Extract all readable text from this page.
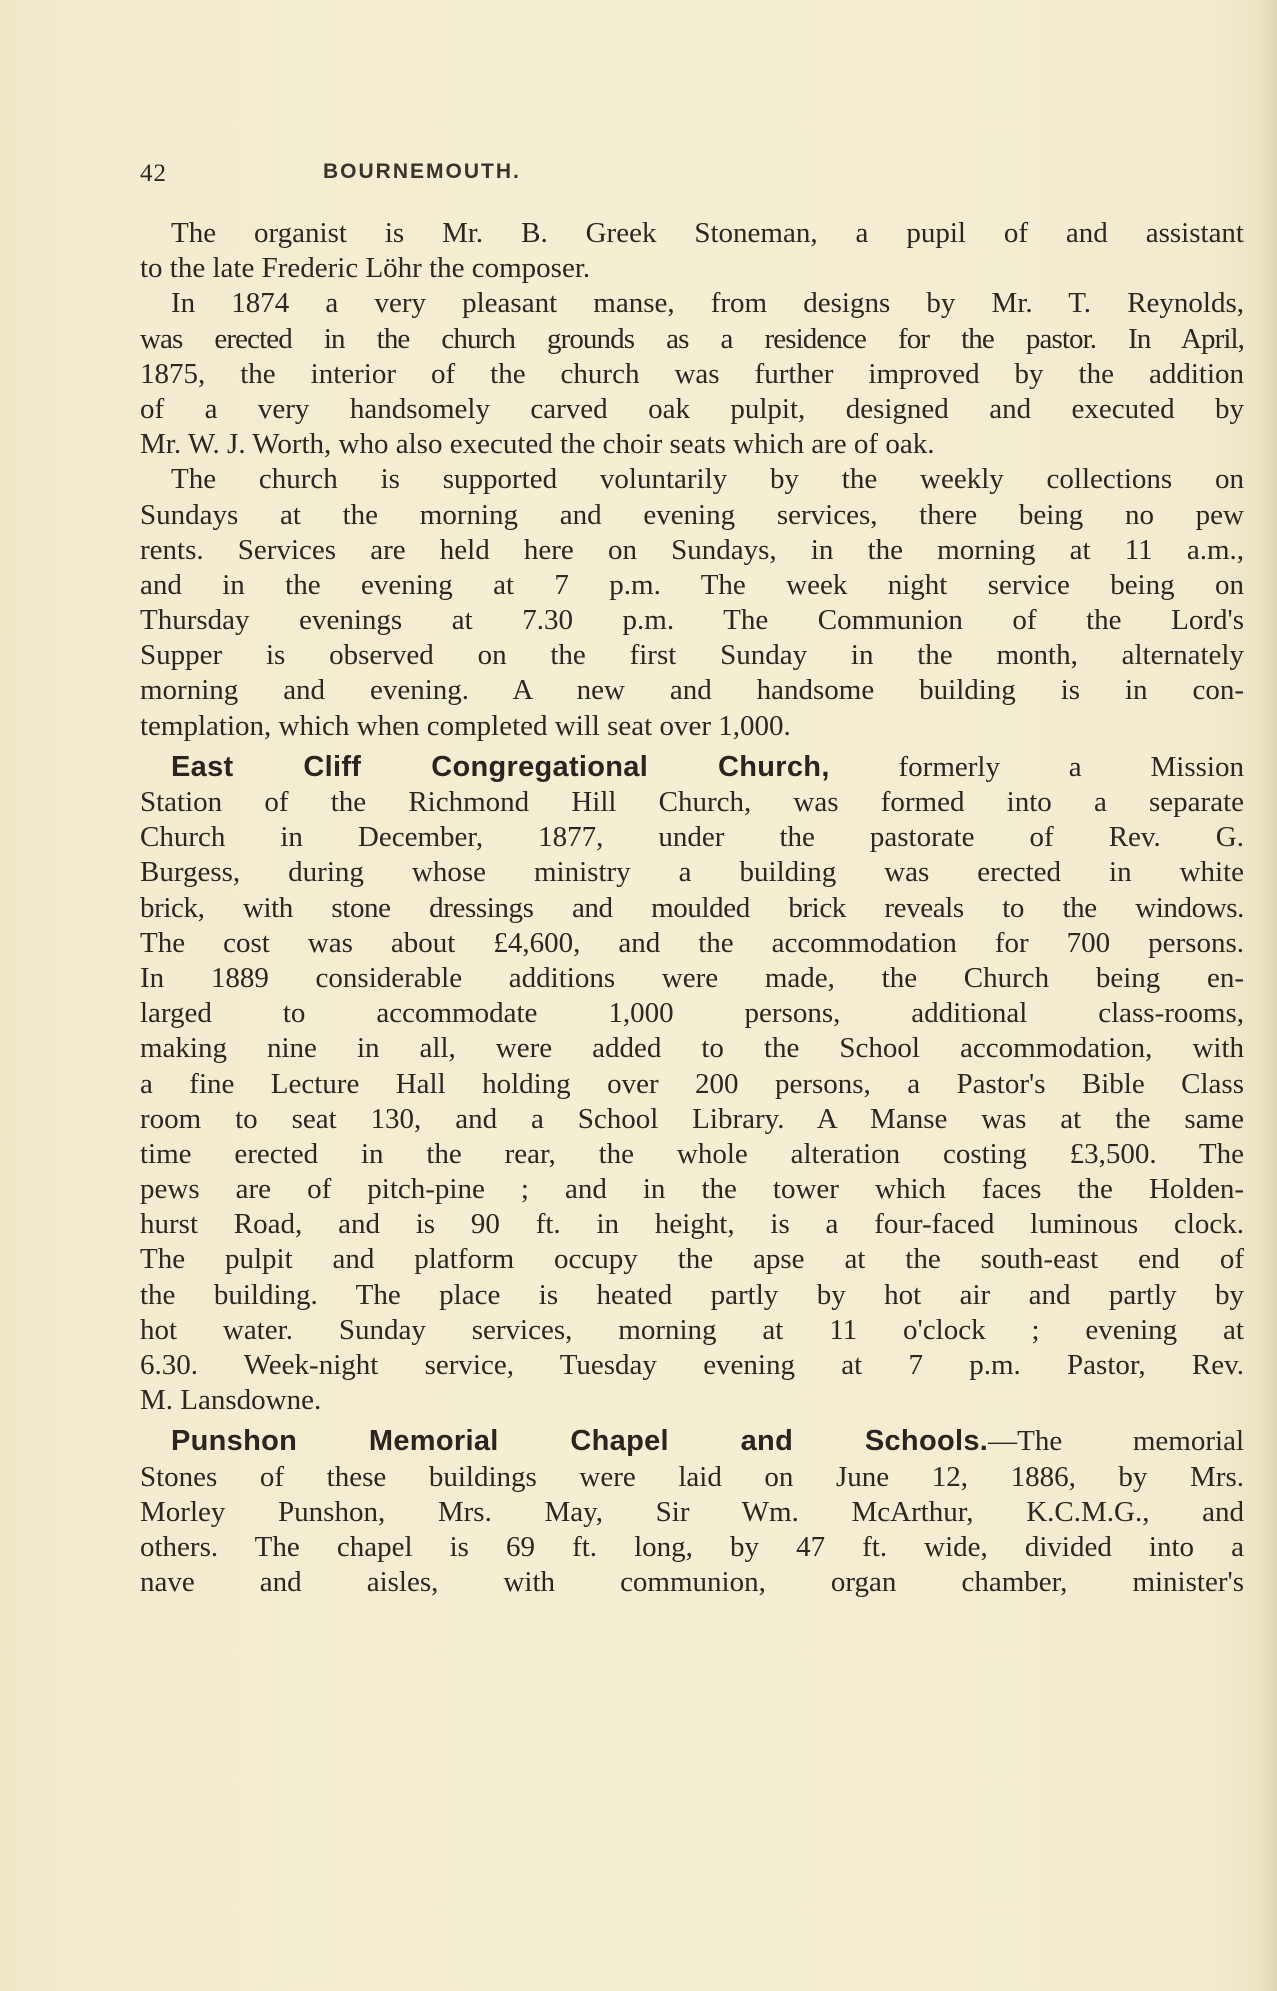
42	BOURNEMOUTH.
The organist is Mr. B. Greek Stoneman, a pupil of and assistant
to the late Frederic Löhr the composer.
In 1874 a very pleasant manse, from designs by Mr. T. Reynolds,
was erected in the church grounds as a residence for the pastor. In April,
1875, the interior of the church was further improved by the addition
of a very handsomely carved oak pulpit, designed and executed by
Mr. W. J. Worth, who also executed the choir seats which are of oak.
The church is supported voluntarily by the weekly collections on
Sundays at the morning and evening services, there being no pew
rents. Services are held here on Sundays, in the morning at 11 a.m.,
and in the evening at 7 p.m. The week night service being on
Thursday evenings at 7.30 p.m. The Communion of the Lord's
Supper is observed on the first Sunday in the month, alternately
morning and evening. A new and handsome building is in con-
templation, which when completed will seat over 1,000.
East Cliff Congregational Church, formerly a Mission
Station of the Richmond Hill Church, was formed into a separate
Church in December, 1877, under the pastorate of Rev. G.
Burgess, during whose ministry a building was erected in white
brick, with stone dressings and moulded brick reveals to the windows.
The cost was about £4,600, and the accommodation for 700 persons.
In 1889 considerable additions were made, the Church being en-
larged to accommodate 1,000 persons, additional class-rooms,
making nine in all, were added to the School accommodation, with
a fine Lecture Hall holding over 200 persons, a Pastor's Bible Class
room to seat 130, and a School Library. A Manse was at the same
time erected in the rear, the whole alteration costing £3,500. The
pews are of pitch-pine ; and in the tower which faces the Holden-
hurst Road, and is 90 ft. in height, is a four-faced luminous clock.
The pulpit and platform occupy the apse at the south-east end of
the building. The place is heated partly by hot air and partly by
hot water. Sunday services, morning at 11 o'clock ; evening at
6.30. Week-night service, Tuesday evening at 7 p.m. Pastor, Rev.
M. Lansdowne.
Punshon Memorial Chapel and Schools.—The memorial
Stones of these buildings were laid on June 12, 1886, by Mrs.
Morley Punshon, Mrs. May, Sir Wm. McArthur, K.C.M.G., and
others. The chapel is 69 ft. long, by 47 ft. wide, divided into a
nave and aisles, with communion, organ chamber, minister's
